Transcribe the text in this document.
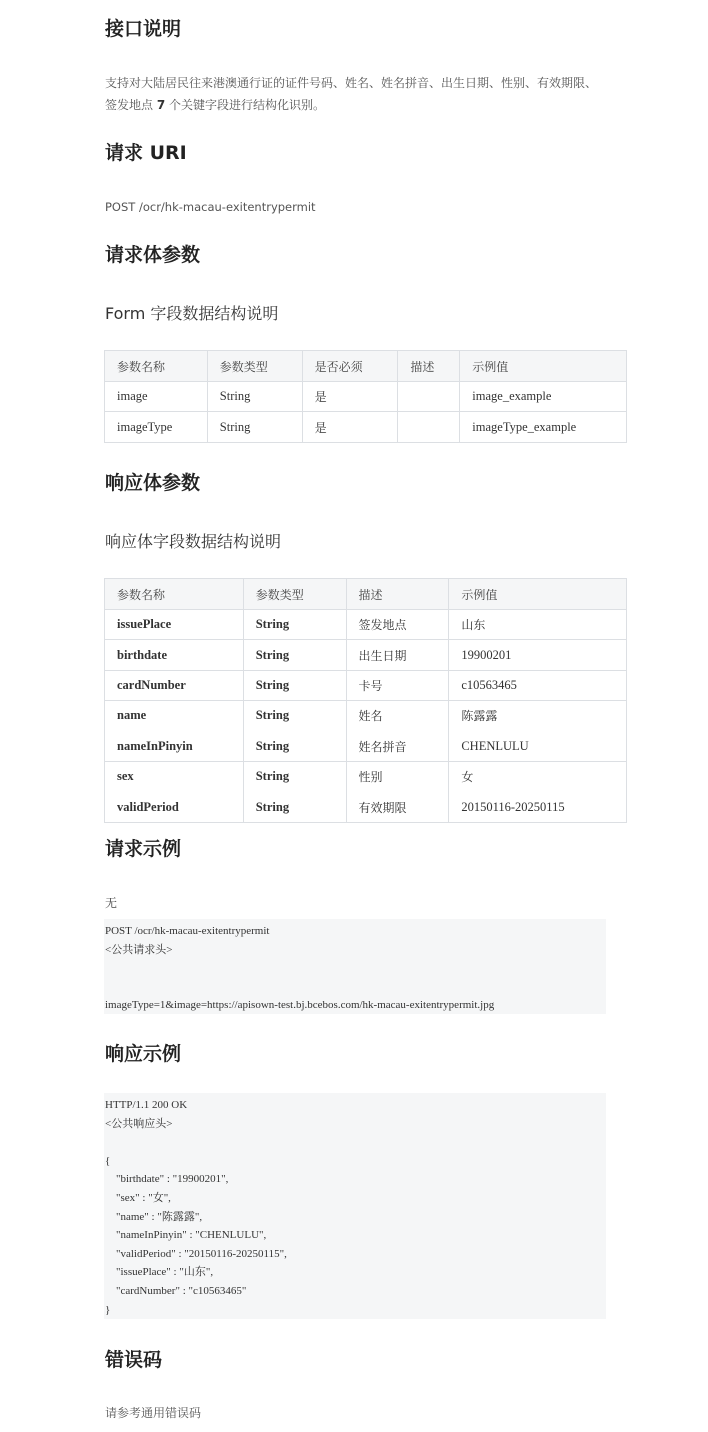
接口说明
支持对大陆居民往来港澳通行证的证件号码、姓名、姓名拼音、出生日期、性别、有效期限、
签发地点 7 个关键字段进行结构化识别。
请求 URI
POST /ocr/hk-macau-exitentrypermit
请求体参数
Form 字段数据结构说明
参数名称	参数类型	是否必须	描述	示例值
image	String	是		image_example
imageType	String	是		imageType_example
响应体参数
响应体字段数据结构说明
参数名称	参数类型	描述	示例值
issuePlace	String	签发地点	山东
birthdate	String	出生日期	19900201
cardNumber	String	卡号	c10563465
name	String	姓名	陈露露
nameInPinyin	String	姓名拼音	CHENLULU
sex	String	性别	女
validPeriod	String	有效期限	20150116-20250115
请求示例
无
POST /ocr/hk-macau-exitentrypermit
<公共请求头>
imageType=1&image=https://apisown-test.bj.bcebos.com/hk-macau-exitentrypermit.jpg
响应示例
HTTP/1.1 200 OK
<公共响应头>
{
"birthdate" : "19900201",
"sex" : "女",
"name" : "陈露露",
"nameInPinyin" : "CHENLULU",
"validPeriod" : "20150116-20250115",
"issuePlace" : "山东",
"cardNumber" : "c10563465"
}
错误码
请参考通用错误码
